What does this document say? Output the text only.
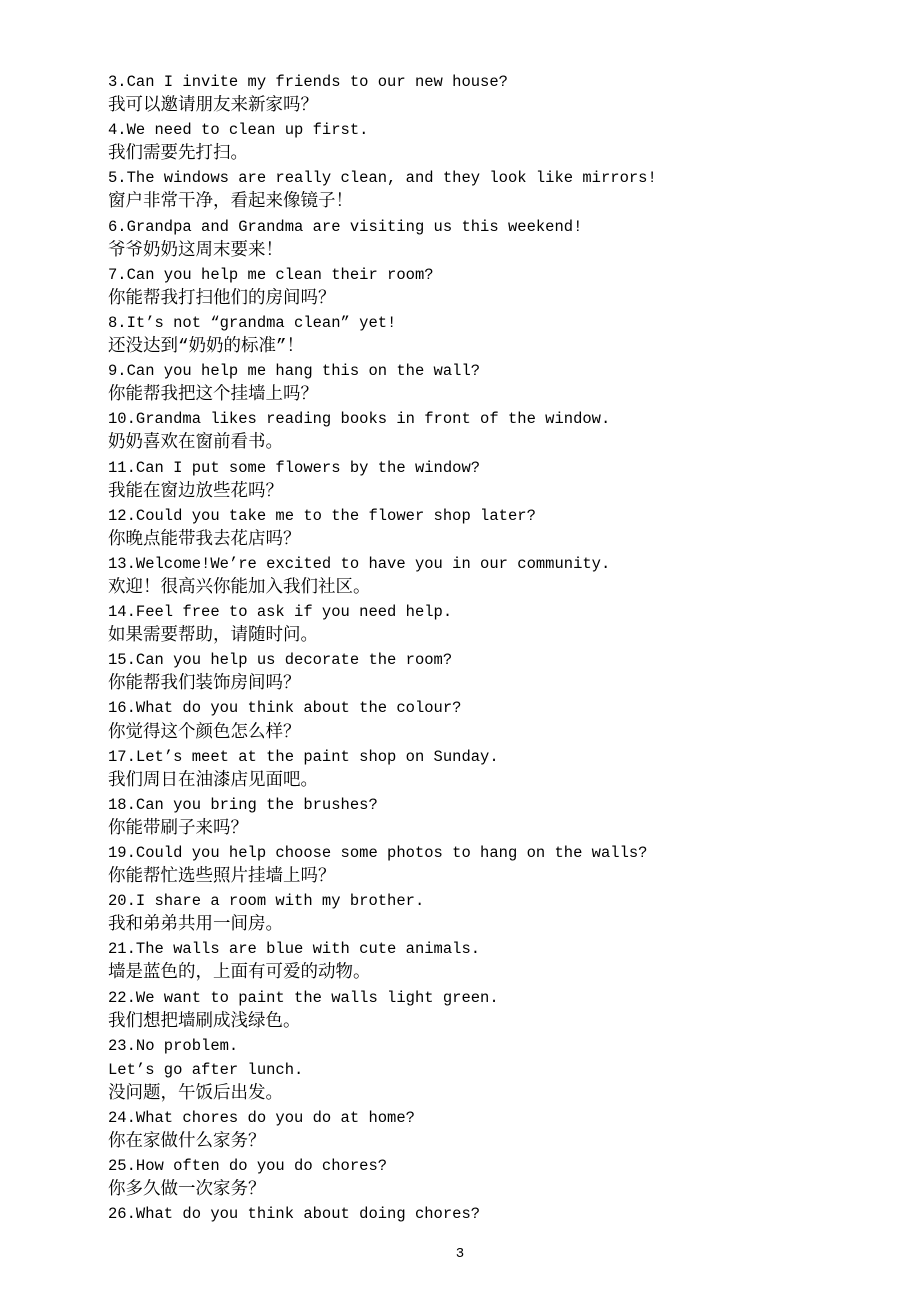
3.Can I invite my friends to our new house?

我可以邀请朋友来新家吗？

4.We need to clean up first.

我们需要先打扫。

5.The windows are really clean, and they look like mirrors!

窗户非常干净，看起来像镜子！

6.Grandpa and Grandma are visiting us this weekend!

爷爷奶奶这周末要来！

7.Can you help me clean their room?

你能帮我打扫他们的房间吗？

8.It’s not “grandma clean” yet!

还没达到“奶奶的标准”！

9.Can you help me hang this on the wall?

你能帮我把这个挂墙上吗？

10.Grandma likes reading books in front of the window.

奶奶喜欢在窗前看书。

11.Can I put some flowers by the window?

我能在窗边放些花吗？

12.Could you take me to the flower shop later?

你晚点能带我去花店吗？

13.Welcome!We’re excited to have you in our community.

欢迎！很高兴你能加入我们社区。

14.Feel free to ask if you need help.

如果需要帮助，请随时问。

15.Can you help us decorate the room?

你能帮我们装饰房间吗？

16.What do you think about the colour?

你觉得这个颜色怎么样？

17.Let’s meet at the paint shop on Sunday.

我们周日在油漆店见面吧。

18.Can you bring the brushes?

你能带刷子来吗？

19.Could you help choose some photos to hang on the walls?

你能帮忙选些照片挂墙上吗？

20.I share a room with my brother.

我和弟弟共用一间房。

21.The walls are blue with cute animals.

墙是蓝色的，上面有可爱的动物。

22.We want to paint the walls light green.

我们想把墙刷成浅绿色。

23.No problem.

Let’s go after lunch.

没问题，午饭后出发。

24.What chores do you do at home?

你在家做什么家务？

25.How often do you do chores?

你多久做一次家务？

26.What do you think about doing chores?

3
